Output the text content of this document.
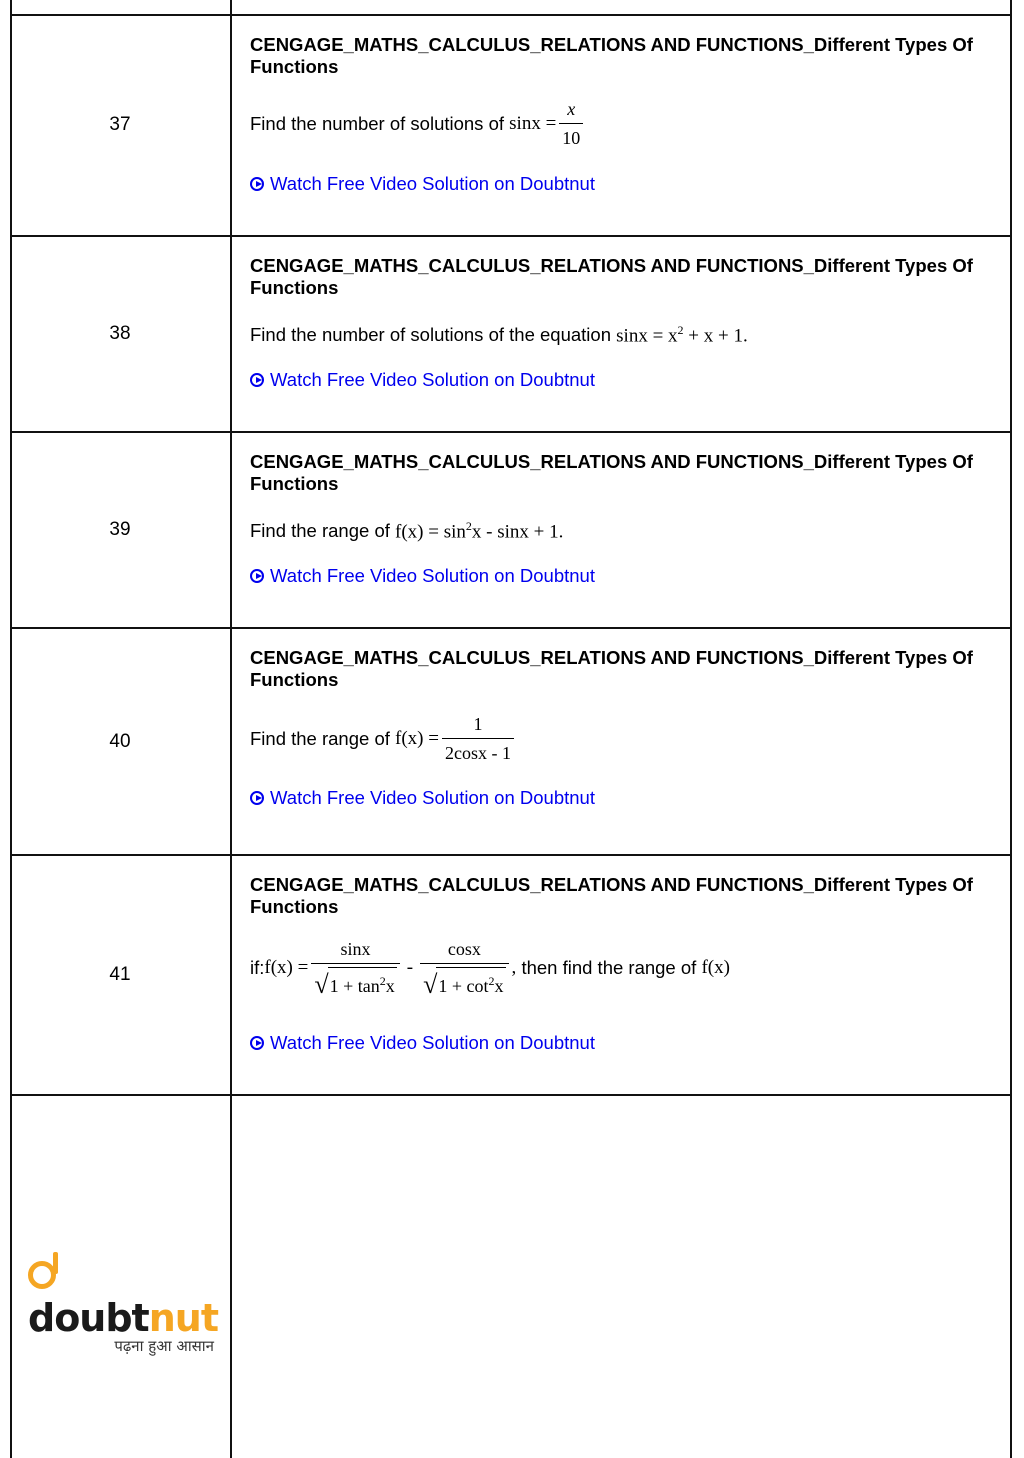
37
CENGAGE_MATHS_CALCULUS_RELATIONS AND FUNCTIONS_Different Types Of Functions
Find the number of solutions of
$\sin x = \frac{x}{10}$
Watch Free Video Solution on Doubtnut
38
CENGAGE_MATHS_CALCULUS_RELATIONS AND FUNCTIONS_Different Types Of Functions
Find the number of solutions of the equation
$\sin x = x^2 + x + 1$.
Watch Free Video Solution on Doubtnut
39
CENGAGE_MATHS_CALCULUS_RELATIONS AND FUNCTIONS_Different Types Of Functions
Find the range of
$f(x) = \sin^2x - \sin x + 1$.
Watch Free Video Solution on Doubtnut
40
CENGAGE_MATHS_CALCULUS_RELATIONS AND FUNCTIONS_Different Types Of Functions
Find the range of
$f(x) = \frac{1}{2\cos x - 1}$
Watch Free Video Solution on Doubtnut
41
CENGAGE_MATHS_CALCULUS_RELATIONS AND FUNCTIONS_Different Types Of Functions
if: $f(x) = \frac{\sin x}{√ 1 + \tan^2x} - \frac{\cos x}{√ 1 + \cot^2x}$ ,
then find the range of
f(x)
Watch Free Video Solution on Doubtnut
doubtnut
पढ़ना हुआ आसान
